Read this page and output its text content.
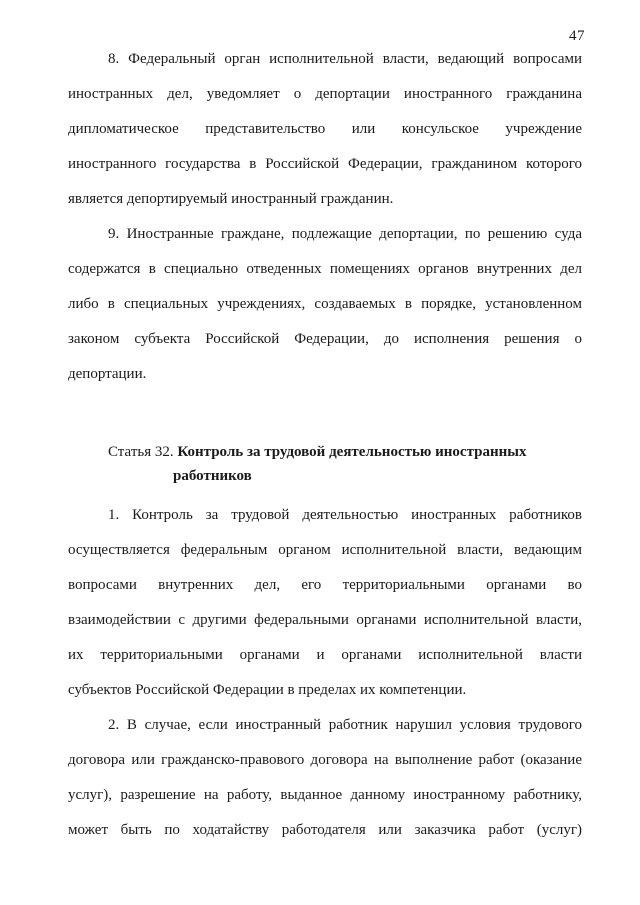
47
8. Федеральный орган исполнительной власти, ведающий вопросами
иностранных дел, уведомляет о депортации иностранного гражданина
дипломатическое представительство или консульское учреждение
иностранного государства в Российской Федерации, гражданином которого
является депортируемый иностранный гражданин.
9. Иностранные граждане, подлежащие депортации, по решению суда
содержатся в специально отведенных помещениях органов внутренних дел
либо в специальных учреждениях, создаваемых в порядке, установленном
законом субъекта Российской Федерации, до исполнения решения о
депортации.
Статья 32. Контроль за трудовой деятельностью иностранных
работников
1. Контроль за трудовой деятельностью иностранных работников
осуществляется федеральным органом исполнительной власти, ведающим
вопросами внутренних дел, его территориальными органами во
взаимодействии с другими федеральными органами исполнительной власти,
их территориальными органами и органами исполнительной власти
субъектов Российской Федерации в пределах их компетенции.
2. В случае, если иностранный работник нарушил условия трудового
договора или гражданско-правового договора на выполнение работ (оказание
услуг), разрешение на работу, выданное данному иностранному работнику,
может быть по ходатайству работодателя или заказчика работ (услуг)
